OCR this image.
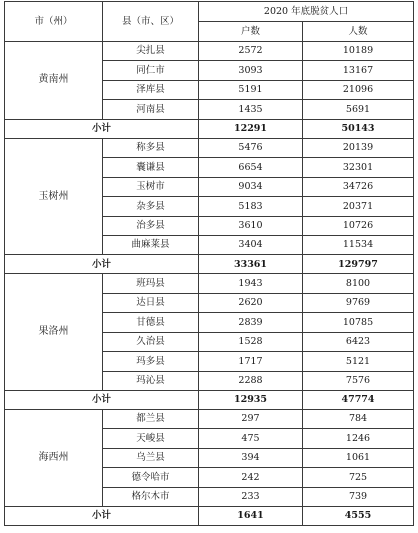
市（州）	县（市、区）	2020 年底脱贫人口	
		户数	人数
黄南州	尖扎县	2572	10189
	同仁市	3093	13167
	泽库县	5191	21096
	河南县	1435	5691
小计		12291	50143
玉树州	称多县	5476	20139
	囊谦县	6654	32301
	玉树市	9034	34726
	杂多县	5183	20371
	治多县	3610	10726
	曲麻莱县	3404	11534
小计		33361	129797
果洛州	班玛县	1943	8100
	达日县	2620	9769
	甘德县	2839	10785
	久治县	1528	6423
	玛多县	1717	5121
	玛沁县	2288	7576
小计		12935	47774
海西州	都兰县	297	784
	天峻县	475	1246
	乌兰县	394	1061
	德令哈市	242	725
	格尔木市	233	739
小计		1641	4555
